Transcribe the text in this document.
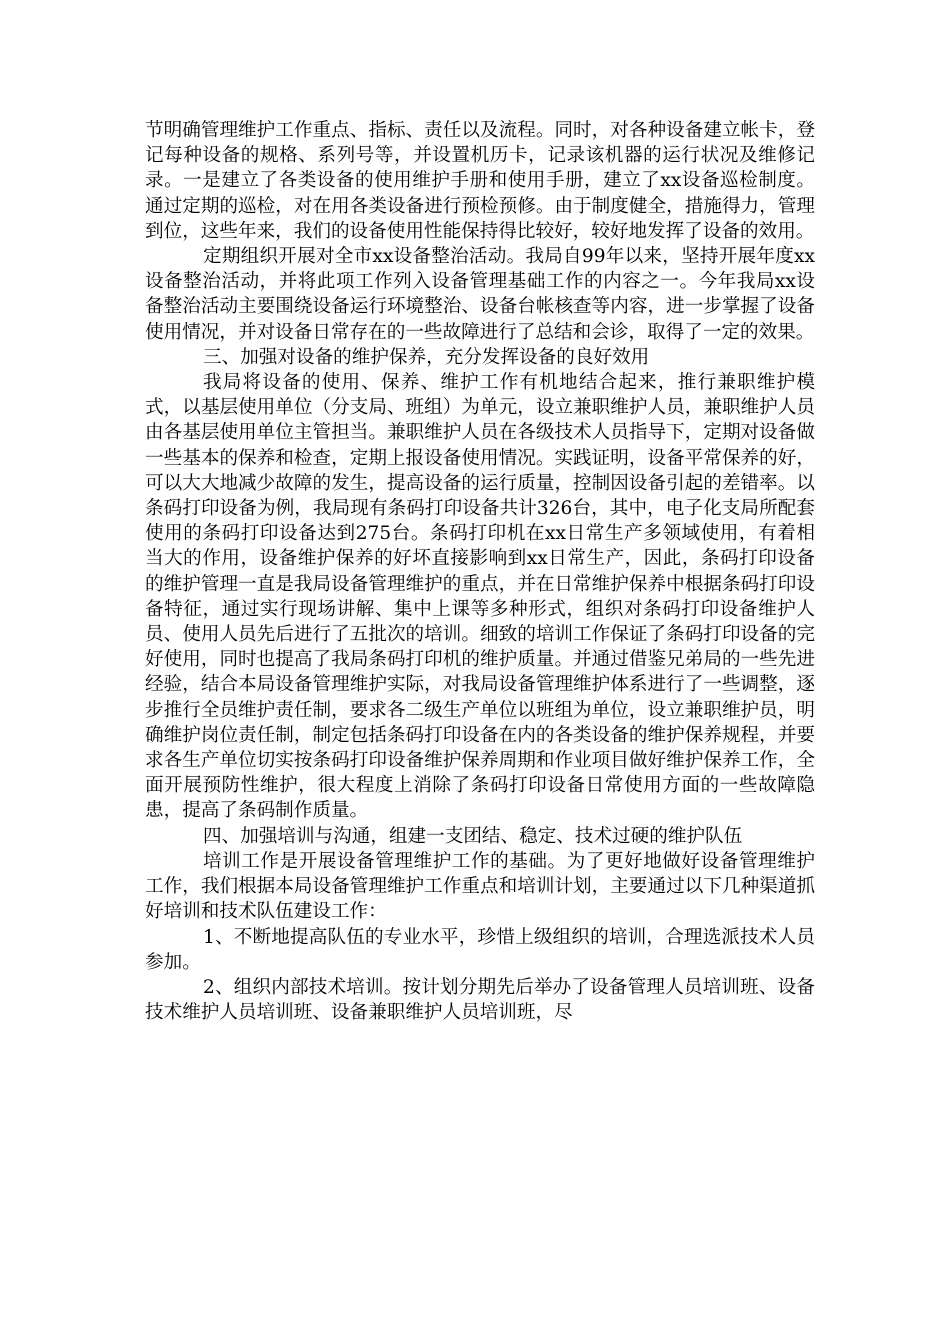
节明确管理维护工作重点、指标、责任以及流程。同时，对各种设备建立帐卡，登记每种设备的规格、系列号等，并设置机历卡，记录该机器的运行状况及维修记录。一是建立了各类设备的使用维护手册和使用手册，建立了xx设备巡检制度。通过定期的巡检，对在用各类设备进行预检预修。由于制度健全，措施得力，管理到位，这些年来，我们的设备使用性能保持得比较好，较好地发挥了设备的效用。

定期组织开展对全市xx设备整治活动。我局自99年以来，坚持开展年度xx设备整治活动，并将此项工作列入设备管理基础工作的内容之一。今年我局xx设备整治活动主要围绕设备运行环境整治、设备台帐核查等内容，进一步掌握了设备使用情况，并对设备日常存在的一些故障进行了总结和会诊，取得了一定的效果。

三、加强对设备的维护保养，充分发挥设备的良好效用

我局将设备的使用、保养、维护工作有机地结合起来，推行兼职维护模式，以基层使用单位（分支局、班组）为单元，设立兼职维护人员，兼职维护人员由各基层使用单位主管担当。兼职维护人员在各级技术人员指导下，定期对设备做一些基本的保养和检查，定期上报设备使用情况。实践证明，设备平常保养的好，可以大大地减少故障的发生，提高设备的运行质量，控制因设备引起的差错率。以条码打印设备为例，我局现有条码打印设备共计326台，其中，电子化支局所配套使用的条码打印设备达到275台。条码打印机在xx日常生产多领域使用，有着相当大的作用，设备维护保养的好坏直接影响到xx日常生产，因此，条码打印设备的维护管理一直是我局设备管理维护的重点，并在日常维护保养中根据条码打印设备特征，通过实行现场讲解、集中上课等多种形式，组织对条码打印设备维护人员、使用人员先后进行了五批次的培训。细致的培训工作保证了条码打印设备的完好使用，同时也提高了我局条码打印机的维护质量。并通过借鉴兄弟局的一些先进经验，结合本局设备管理维护实际，对我局设备管理维护体系进行了一些调整，逐步推行全员维护责任制，要求各二级生产单位以班组为单位，设立兼职维护员，明确维护岗位责任制，制定包括条码打印设备在内的各类设备的维护保养规程，并要求各生产单位切实按条码打印设备维护保养周期和作业项目做好维护保养工作，全面开展预防性维护，很大程度上消除了条码打印设备日常使用方面的一些故障隐患，提高了条码制作质量。

四、加强培训与沟通，组建一支团结、稳定、技术过硬的维护队伍

培训工作是开展设备管理维护工作的基础。为了更好地做好设备管理维护工作，我们根据本局设备管理维护工作重点和培训计划，主要通过以下几种渠道抓好培训和技术队伍建设工作：

1、不断地提高队伍的专业水平，珍惜上级组织的培训，合理选派技术人员参加。

2、组织内部技术培训。按计划分期先后举办了设备管理人员培训班、设备技术维护人员培训班、设备兼职维护人员培训班，尽
